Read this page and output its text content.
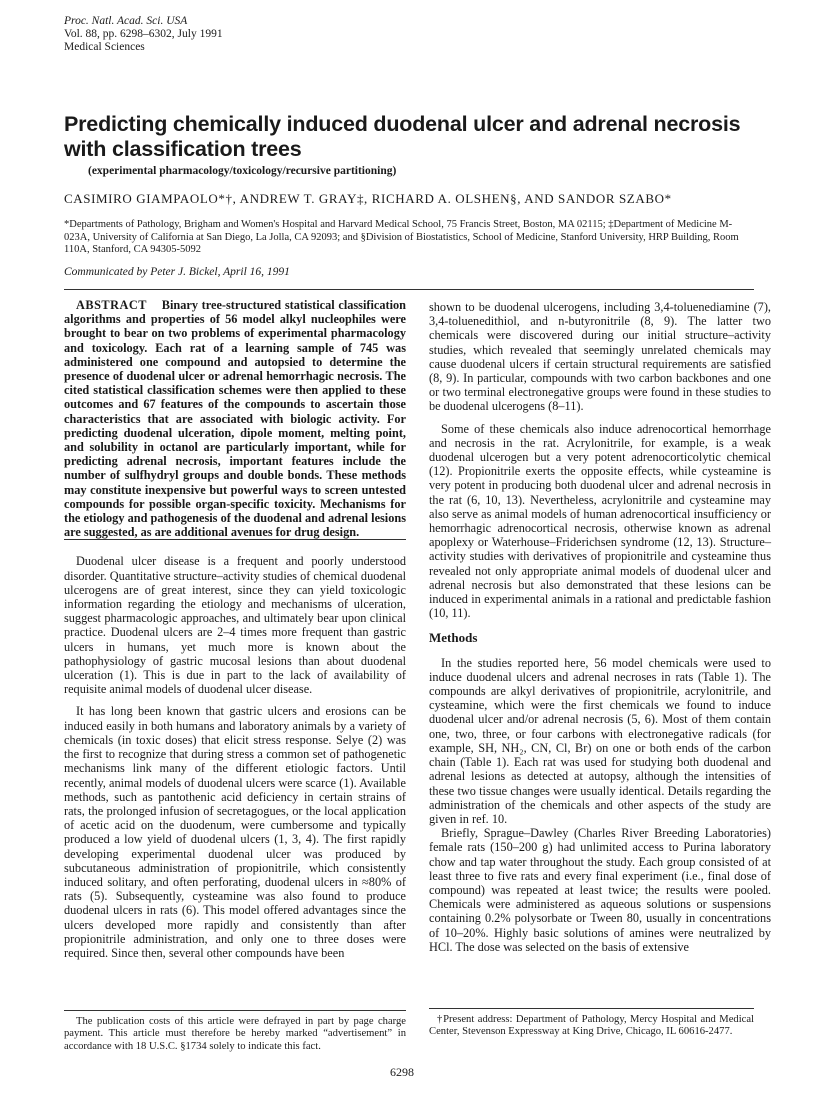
Proc. Natl. Acad. Sci. USA
Vol. 88, pp. 6298–6302, July 1991
Medical Sciences
Predicting chemically induced duodenal ulcer and adrenal necrosis with classification trees
(experimental pharmacology/toxicology/recursive partitioning)
CASIMIRO GIAMPAOLO*†, ANDREW T. GRAY‡, RICHARD A. OLSHEN§, AND SANDOR SZABO*
*Departments of Pathology, Brigham and Women's Hospital and Harvard Medical School, 75 Francis Street, Boston, MA 02115; ‡Department of Medicine M-023A, University of California at San Diego, La Jolla, CA 92093; and §Division of Biostatistics, School of Medicine, Stanford University, HRP Building, Room 110A, Stanford, CA 94305-5092
Communicated by Peter J. Bickel, April 16, 1991

ABSTRACT Binary tree-structured statistical classification algorithms and properties of 56 model alkyl nucleophiles were brought to bear on two problems of experimental pharmacology and toxicology. Each rat of a learning sample of 745 was administered one compound and autopsied to determine the presence of duodenal ulcer or adrenal hemorrhagic necrosis. The cited statistical classification schemes were then applied to these outcomes and 67 features of the compounds to ascertain those characteristics that are associated with biologic activity. For predicting duodenal ulceration, dipole moment, melting point, and solubility in octanol are particularly important, while for predicting adrenal necrosis, important features include the number of sulfhydryl groups and double bonds. These methods may constitute inexpensive but powerful ways to screen untested compounds for possible organ-specific toxicity. Mechanisms for the etiology and pathogenesis of the duodenal and adrenal lesions are suggested, as are additional avenues for drug design.

Duodenal ulcer disease is a frequent and poorly understood disorder. Quantitative structure–activity studies of chemical duodenal ulcerogens are of great interest, since they can yield toxicologic information regarding the etiology and mechanisms of ulceration, suggest pharmacologic approaches, and ultimately bear upon clinical practice. Duodenal ulcers are 2–4 times more frequent than gastric ulcers in humans, yet much more is known about the pathophysiology of gastric mucosal lesions than about duodenal ulceration (1). This is due in part to the lack of availability of requisite animal models of duodenal ulcer disease.

It has long been known that gastric ulcers and erosions can be induced easily in both humans and laboratory animals by a variety of chemicals (in toxic doses) that elicit stress response. Selye (2) was the first to recognize that during stress a common set of pathogenetic mechanisms link many of the different etiologic factors. Until recently, animal models of duodenal ulcers were scarce (1). Available methods, such as pantothenic acid deficiency in certain strains of rats, the prolonged infusion of secretagogues, or the local application of acetic acid on the duodenum, were cumbersome and typically produced a low yield of duodenal ulcers (1, 3, 4). The first rapidly developing experimental duodenal ulcer was produced by subcutaneous administration of propionitrile, which consistently induced solitary, and often perforating, duodenal ulcers in ≈80% of rats (5). Subsequently, cysteamine was also found to produce duodenal ulcers in rats (6). This model offered advantages since the ulcers developed more rapidly and consistently than after propionitrile administration, and only one to three doses were required. Since then, several other compounds have been

shown to be duodenal ulcerogens, including 3,4-toluenediamine (7), 3,4-toluenedithiol, and n-butyronitrile (8, 9). The latter two chemicals were discovered during our initial structure–activity studies, which revealed that seemingly unrelated chemicals may cause duodenal ulcers if certain structural requirements are satisfied (8, 9). In particular, compounds with two carbon backbones and one or two terminal electronegative groups were found in these studies to be duodenal ulcerogens (8–11).

Some of these chemicals also induce adrenocortical hemorrhage and necrosis in the rat. Acrylonitrile, for example, is a weak duodenal ulcerogen but a very potent adrenocorticolytic chemical (12). Propionitrile exerts the opposite effects, while cysteamine is very potent in producing both duodenal ulcer and adrenal necrosis in the rat (6, 10, 13). Nevertheless, acrylonitrile and cysteamine may also serve as animal models of human adrenocortical insufficiency or hemorrhagic adrenocortical necrosis, otherwise known as adrenal apoplexy or Waterhouse–Friderichsen syndrome (12, 13). Structure–activity studies with derivatives of propionitrile and cysteamine thus revealed not only appropriate animal models of duodenal ulcer and adrenal necrosis but also demonstrated that these lesions can be induced in experimental animals in a rational and predictable fashion (10, 11).

Methods

In the studies reported here, 56 model chemicals were used to induce duodenal ulcers and adrenal necroses in rats (Table 1). The compounds are alkyl derivatives of propionitrile, acrylonitrile, and cysteamine, which were the first chemicals we found to induce duodenal ulcer and/or adrenal necrosis (5, 6). Most of them contain one, two, three, or four carbons with electronegative radicals (for example, SH, NH₂, CN, Cl, Br) on one or both ends of the carbon chain (Table 1). Each rat was used for studying both duodenal and adrenal lesions as detected at autopsy, although the intensities of these two tissue changes were usually identical. Details regarding the administration of the chemicals and other aspects of the study are given in ref. 10.

Briefly, Sprague–Dawley (Charles River Breeding Laboratories) female rats (150–200 g) had unlimited access to Purina laboratory chow and tap water throughout the study. Each group consisted of at least three to five rats and every final experiment (i.e., final dose of compound) was repeated at least twice; the results were pooled. Chemicals were administered as aqueous solutions or suspensions containing 0.2% polysorbate or Tween 80, usually in concentrations of 10–20%. Highly basic solutions of amines were neutralized by HCl. The dose was selected on the basis of extensive

The publication costs of this article were defrayed in part by page charge payment. This article must therefore be hereby marked “advertisement” in accordance with 18 U.S.C. §1734 solely to indicate this fact.
†Present address: Department of Pathology, Mercy Hospital and Medical Center, Stevenson Expressway at King Drive, Chicago, IL 60616-2477.
6298
